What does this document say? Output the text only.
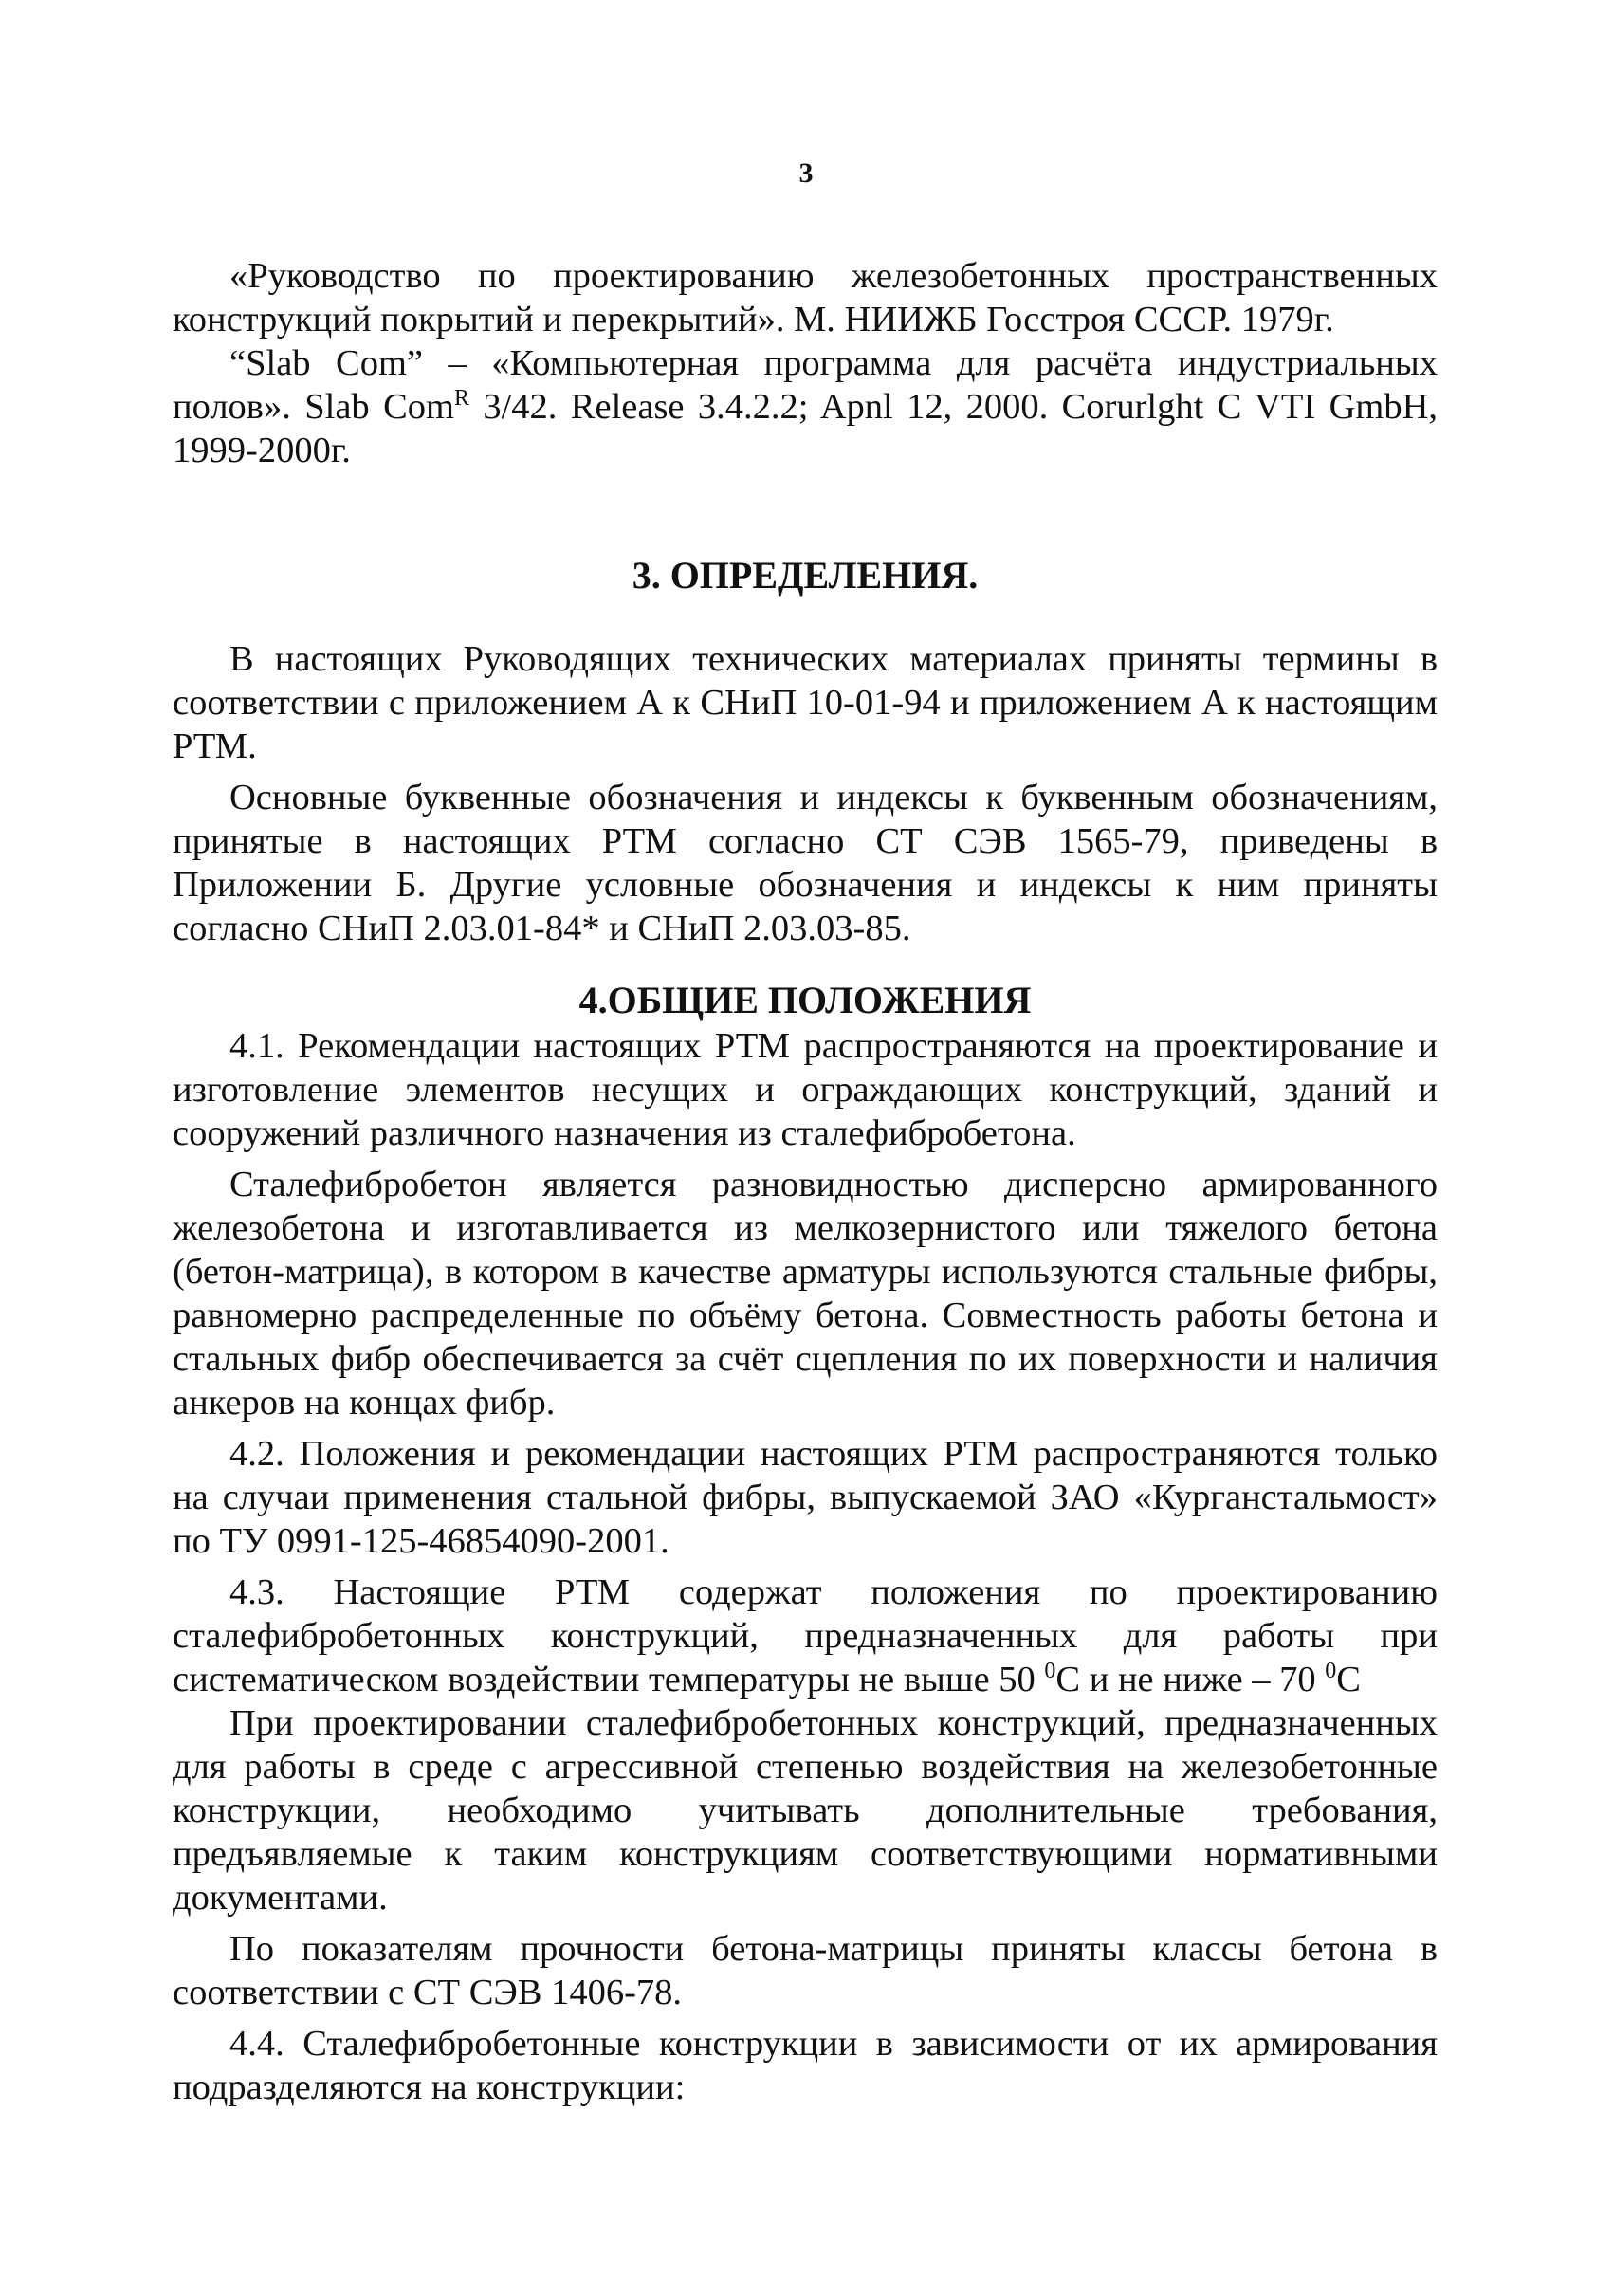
3

«Руководство по проектированию железобетонных пространственных конструкций покрытий и перекрытий». М. НИИЖБ Госстроя СССР. 1979г.

“Slab Com” – «Компьютерная программа для расчёта индустриальных полов». Slab Com$^R$ 3/42. Release 3.4.2.2; Apnl 12, 2000. Corurlght C VTI GmbH, 1999-2000г.

3. ОПРЕДЕЛЕНИЯ.

В настоящих Руководящих технических материалах приняты термины в соответствии с приложением А к СНиП 10-01-94 и приложением А к настоящим РТМ.

Основные буквенные обозначения и индексы к буквенным обозначениям, принятые в настоящих РТМ согласно СТ СЭВ 1565-79, приведены в Приложении Б. Другие условные обозначения и индексы к ним приняты согласно СНиП 2.03.01-84* и СНиП 2.03.03-85.

4.ОБЩИЕ ПОЛОЖЕНИЯ

4.1. Рекомендации настоящих РТМ распространяются на проектирование и изготовление элементов несущих и ограждающих конструкций, зданий и сооружений различного назначения из сталефибробетона.

Сталефибробетон является разновидностью дисперсно армированного железобетона и изготавливается из мелкозернистого или тяжелого бетона (бетон-матрица), в котором в качестве арматуры используются стальные фибры, равномерно распределенные по объёму бетона. Совместность работы бетона и стальных фибр обеспечивается за счёт сцепления по их поверхности и наличия анкеров на концах фибр.

4.2. Положения и рекомендации настоящих РТМ распространяются только на случаи применения стальной фибры, выпускаемой ЗАО «Курганстальмост» по ТУ 0991-125-46854090-2001.

4.3. Настоящие РТМ содержат положения по проектированию сталефибробетонных конструкций, предназначенных для работы при систематическом воздействии температуры не выше 50 $^0$С и не ниже – 70 $^0$С

При проектировании сталефибробетонных конструкций, предназначенных для работы в среде с агрессивной степенью воздействия на железобетонные конструкции, необходимо учитывать дополнительные требования, предъявляемые к таким конструкциям соответствующими нормативными документами.

По показателям прочности бетона-матрицы приняты классы бетона в соответствии с СТ СЭВ 1406-78.

4.4. Сталефибробетонные конструкции в зависимости от их армирования подразделяются на конструкции:
